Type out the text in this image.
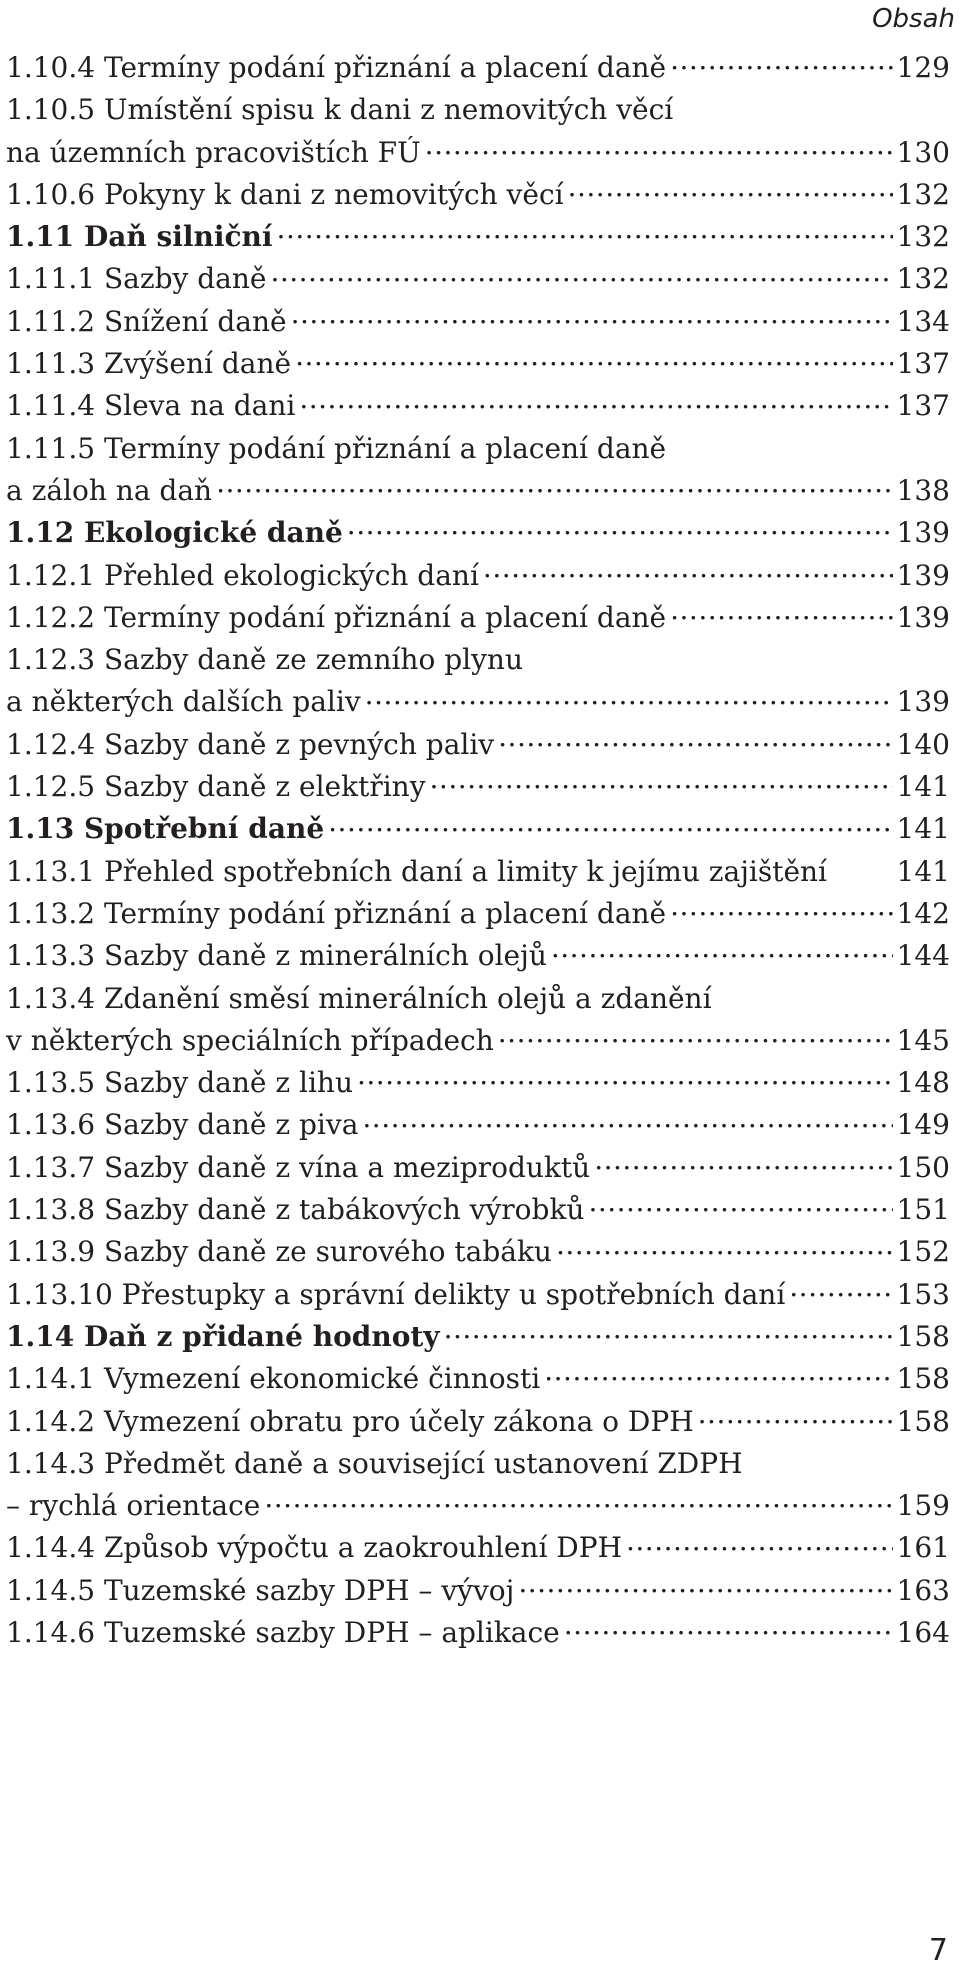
Obsah
1.10.4 Termíny podání přiznání a placení daně .....	129
1.10.5 Umístění spisu k dani z nemovitých věcí
na územních pracovištích FÚ .....	130
1.10.6 Pokyny k dani z nemovitých věcí .....	132
1.11 Daň silniční .....	132
1.11.1 Sazby daně .....	132
1.11.2 Snížení daně .....	134
1.11.3 Zvýšení daně .....	137
1.11.4 Sleva na dani .....	137
1.11.5 Termíny podání přiznání a placení daně
a záloh na daň .....	138
1.12 Ekologické daně .....	139
1.12.1 Přehled ekologických daní .....	139
1.12.2 Termíny podání přiznání a placení daně .....	139
1.12.3 Sazby daně ze zemního plynu
a některých dalších paliv .....	139
1.12.4 Sazby daně z pevných paliv .....	140
1.12.5 Sazby daně z elektřiny .....	141
1.13 Spotřební daně .....	141
1.13.1 Přehled spotřebních daní a limity k jejímu zajištění 141
1.13.2 Termíny podání přiznání a placení daně .....	142
1.13.3 Sazby daně z minerálních olejů .....	144
1.13.4 Zdanění směsí minerálních olejů a zdanění
v některých speciálních případech .....	145
1.13.5 Sazby daně z lihu .....	148
1.13.6 Sazby daně z piva .....	149
1.13.7 Sazby daně z vína a meziproduktů .....	150
1.13.8 Sazby daně z tabákových výrobků .....	151
1.13.9 Sazby daně ze surového tabáku .....	152
1.13.10 Přestupky a správní delikty u spotřebních daní .....	153
1.14 Daň z přidané hodnoty .....	158
1.14.1 Vymezení ekonomické činnosti .....	158
1.14.2 Vymezení obratu pro účely zákona o DPH .....	158
1.14.3 Předmět daně a související ustanovení ZDPH
– rychlá orientace .....	159
1.14.4 Způsob výpočtu a zaokrouhlení DPH .....	161
1.14.5 Tuzemské sazby DPH – vývoj .....	163
1.14.6 Tuzemské sazby DPH – aplikace .....	164
7
